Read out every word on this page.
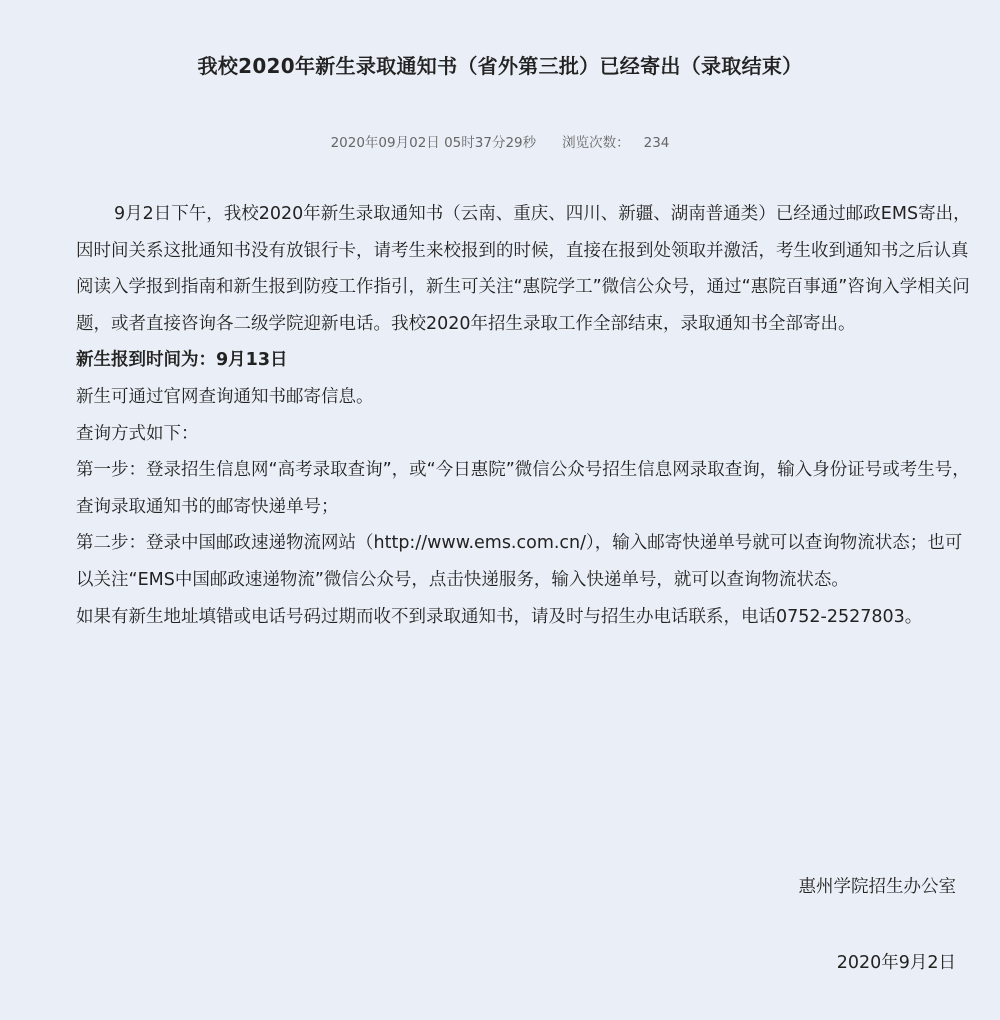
我校2020年新生录取通知书（省外第三批）已经寄出（录取结束）
2020年09月02日 05时37分29秒 浏览次数： 234

9月2日下午，我校2020年新生录取通知书（云南、重庆、四川、新疆、湖南普通类）已经通过邮政EMS寄出，因时间关系这批通知书没有放银行卡，请考生来校报到的时候，直接在报到处领取并激活，考生收到通知书之后认真阅读入学报到指南和新生报到防疫工作指引，新生可关注“惠院学工”微信公众号，通过“惠院百事通”咨询入学相关问题，或者直接咨询各二级学院迎新电话。我校2020年招生录取工作全部结束，录取通知书全部寄出。

新生报到时间为：9月13日

新生可通过官网查询通知书邮寄信息。

查询方式如下：

第一步：登录招生信息网“高考录取查询”，或“今日惠院”微信公众号招生信息网录取查询，输入身份证号或考生号，查询录取通知书的邮寄快递单号；

第二步：登录中国邮政速递物流网站（http://www.ems.com.cn/），输入邮寄快递单号就可以查询物流状态；也可以关注“EMS中国邮政速递物流”微信公众号，点击快递服务，输入快递单号，就可以查询物流状态。

如果有新生地址填错或电话号码过期而收不到录取通知书，请及时与招生办电话联系，电话0752-2527803。

惠州学院招生办公室
2020年9月2日
